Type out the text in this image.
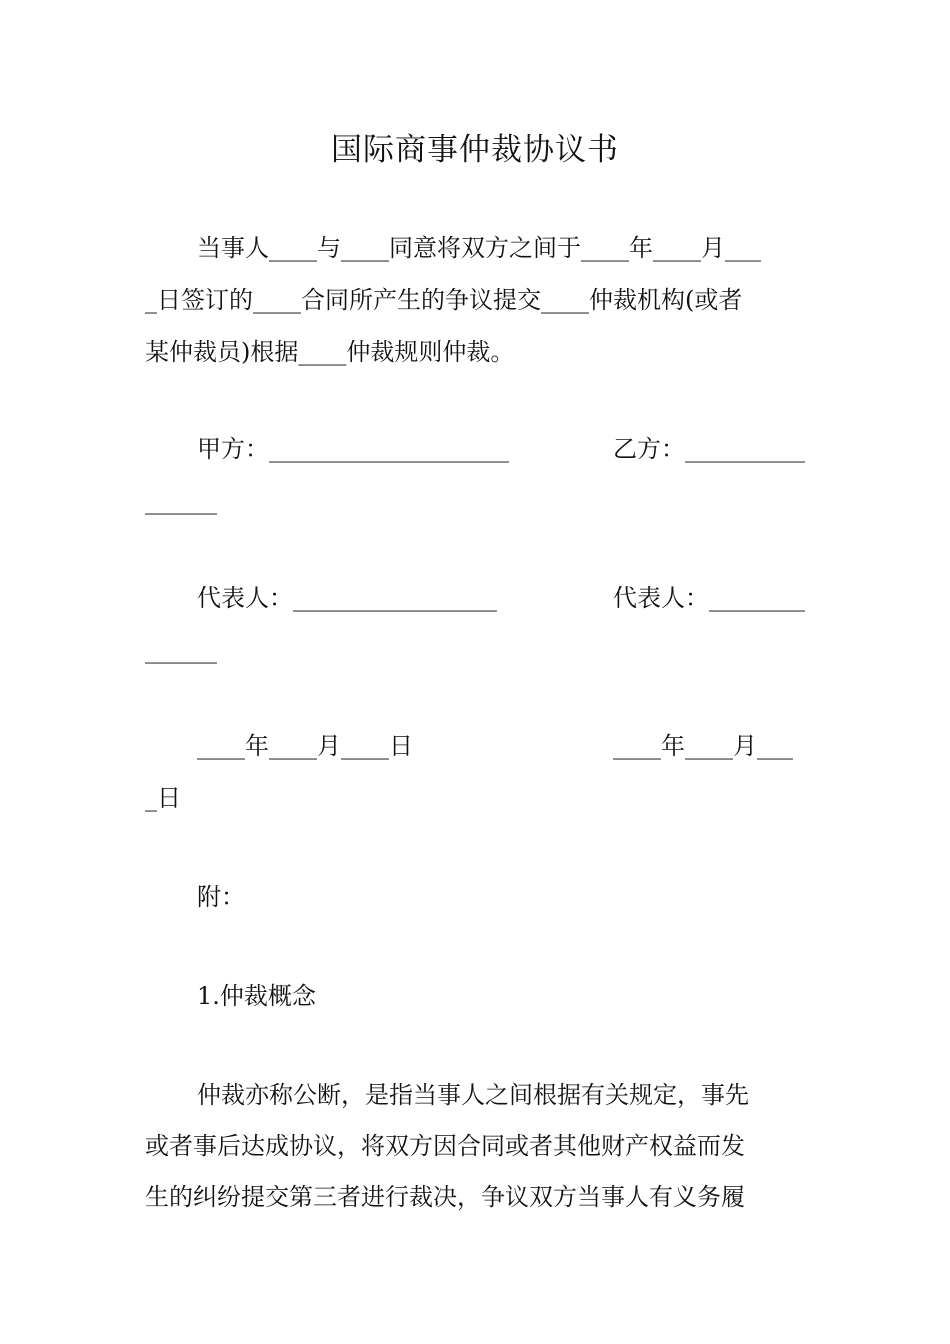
国际商事仲裁协议书
当事人____与____同意将双方之间于____年____月___
_日签订的____合同所产生的争议提交____仲裁机构(或者
某仲裁员)根据____仲裁规则仲裁。
甲方：____________________	乙方：__________
______
代表人：_________________	代表人：________
______
____年____月____日	____年____月___
_日
附：
1.仲裁概念
仲裁亦称公断，是指当事人之间根据有关规定，事先
或者事后达成协议，将双方因合同或者其他财产权益而发
生的纠纷提交第三者进行裁决，争议双方当事人有义务履
